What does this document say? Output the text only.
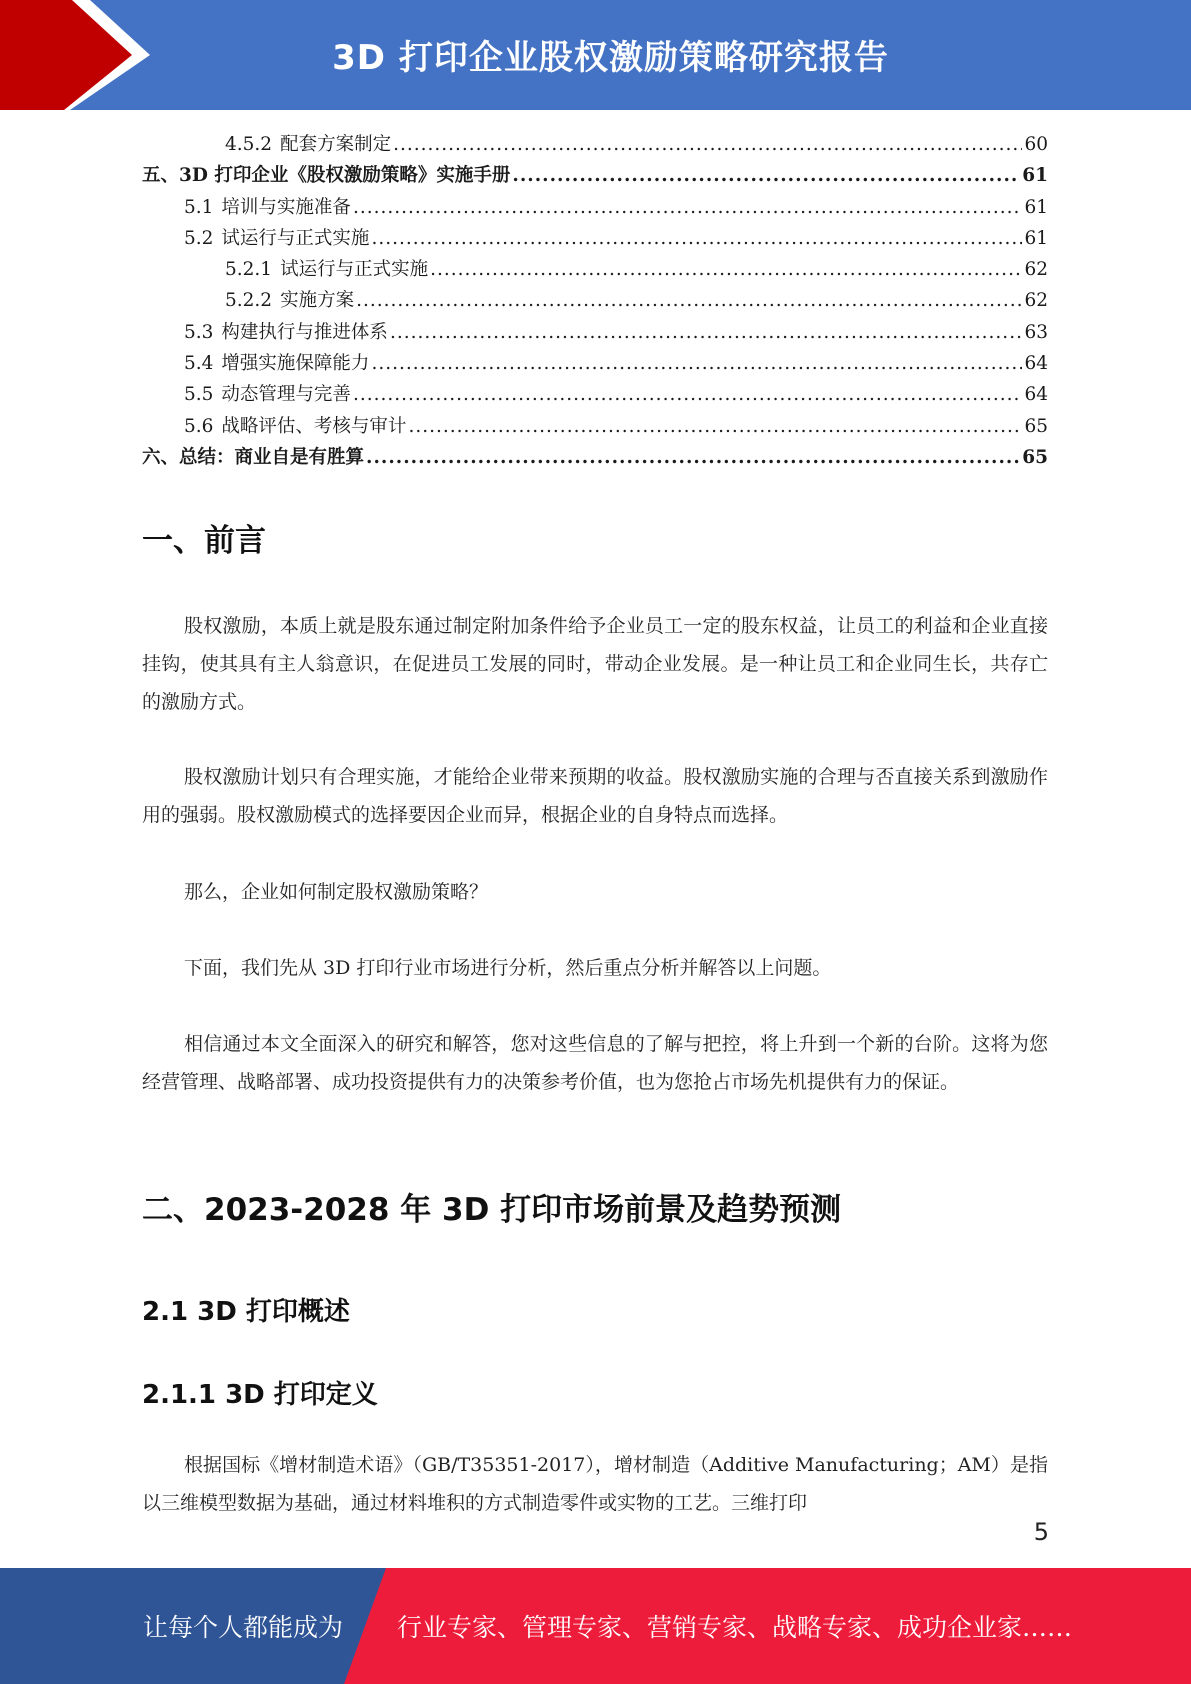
3D 打印企业股权激励策略研究报告
4.5.2 配套方案制定 .....	60
五、 3D 打印企业《股权激励策略》实施手册 .....	61
5.1 培训与实施准备 .....	61
5.2 试运行与正式实施 .....	61
5.2.1 试运行与正式实施 .....	62
5.2.2 实施方案 .....	62
5.3 构建执行与推进体系 .....	63
5.4 增强实施保障能力 .....	64
5.5 动态管理与完善 .....	64
5.6 战略评估、考核与审计 .....	65
六、 总结：商业自是有胜算 .....	65
一、前言
股权激励，本质上就是股东通过制定附加条件给予企业员工一定的股东权益，让员工的利益和企业直接挂钩，使其具有主人翁意识，在促进员工发展的同时，带动企业发展。是一种让员工和企业同生长，共存亡的激励方式。
股权激励计划只有合理实施，才能给企业带来预期的收益。股权激励实施的合理与否直接关系到激励作用的强弱。股权激励模式的选择要因企业而异，根据企业的自身特点而选择。
那么，企业如何制定股权激励策略？
下面，我们先从 3D 打印行业市场进行分析，然后重点分析并解答以上问题。
相信通过本文全面深入的研究和解答，您对这些信息的了解与把控，将上升到一个新的台阶。这将为您经营管理、战略部署、成功投资提供有力的决策参考价值，也为您抢占市场先机提供有力的保证。
二、2023-2028 年 3D 打印市场前景及趋势预测
2.1 3D 打印概述
2.1.1 3D 打印定义
根据国标《增材制造术语》（GB/T35351-2017），增材制造（Additive Manufacturing；AM）是指以三维模型数据为基础，通过材料堆积的方式制造零件或实物的工艺。三维打印
5
让每个人都能成为 行业专家、管理专家、营销专家、战略专家、成功企业家……
